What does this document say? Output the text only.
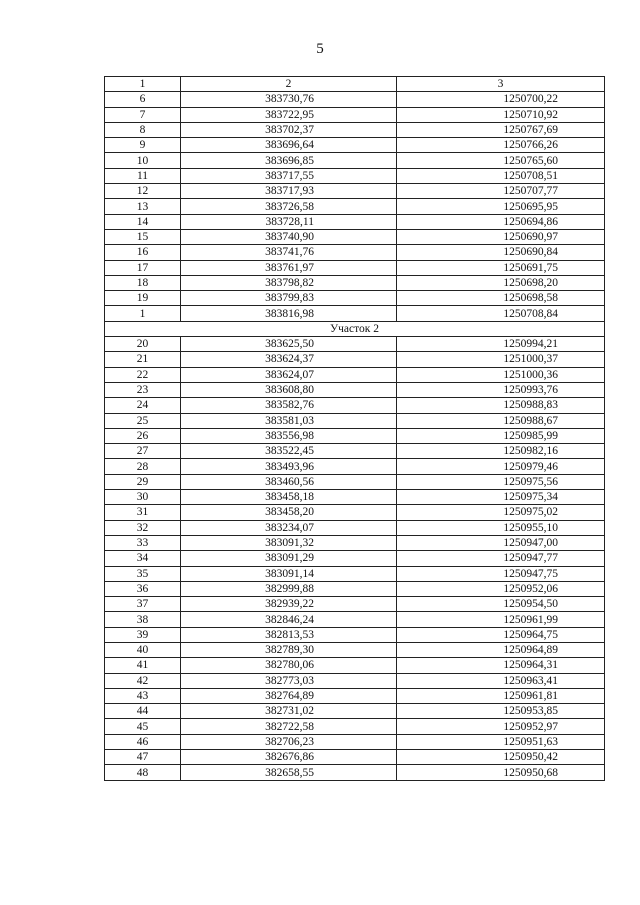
5
1	2	3
6	383730,76	1250700,22
7	383722,95	1250710,92
8	383702,37	1250767,69
9	383696,64	1250766,26
10	383696,85	1250765,60
11	383717,55	1250708,51
12	383717,93	1250707,77
13	383726,58	1250695,95
14	383728,11	1250694,86
15	383740,90	1250690,97
16	383741,76	1250690,84
17	383761,97	1250691,75
18	383798,82	1250698,20
19	383799,83	1250698,58
1	383816,98	1250708,84
Участок 2		
20	383625,50	1250994,21
21	383624,37	1251000,37
22	383624,07	1251000,36
23	383608,80	1250993,76
24	383582,76	1250988,83
25	383581,03	1250988,67
26	383556,98	1250985,99
27	383522,45	1250982,16
28	383493,96	1250979,46
29	383460,56	1250975,56
30	383458,18	1250975,34
31	383458,20	1250975,02
32	383234,07	1250955,10
33	383091,32	1250947,00
34	383091,29	1250947,77
35	383091,14	1250947,75
36	382999,88	1250952,06
37	382939,22	1250954,50
38	382846,24	1250961,99
39	382813,53	1250964,75
40	382789,30	1250964,89
41	382780,06	1250964,31
42	382773,03	1250963,41
43	382764,89	1250961,81
44	382731,02	1250953,85
45	382722,58	1250952,97
46	382706,23	1250951,63
47	382676,86	1250950,42
48	382658,55	1250950,68
